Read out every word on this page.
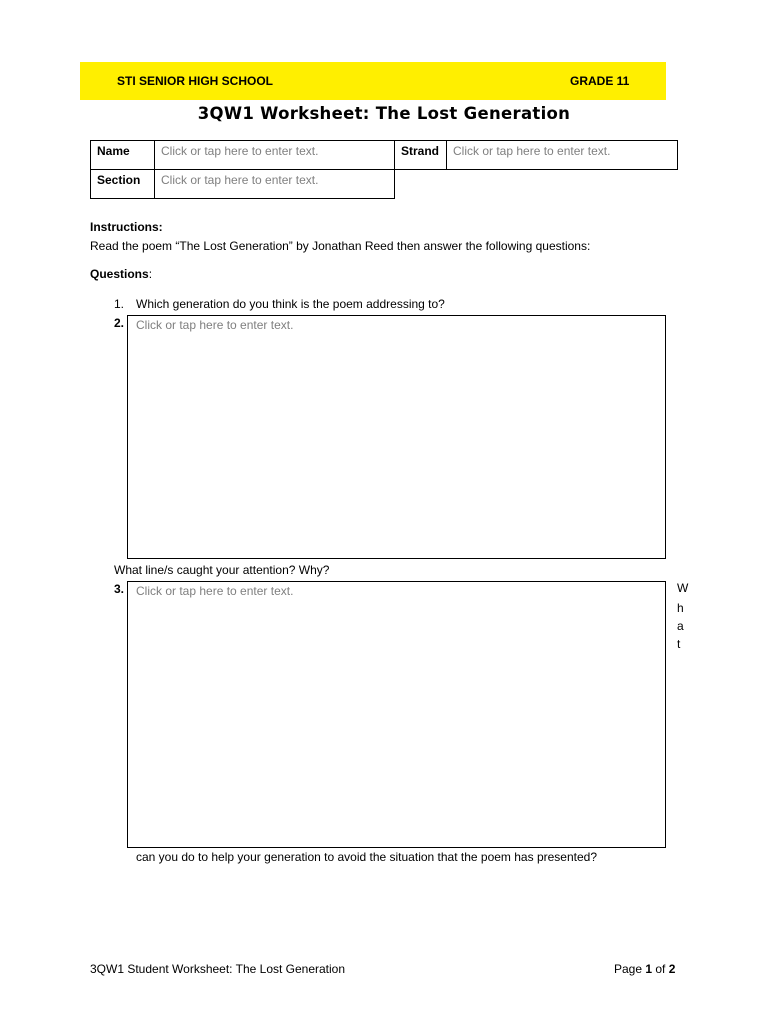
STI SENIOR HIGH SCHOOL	GRADE 11
3QW1 Worksheet: The Lost Generation
Name	Click or tap here to enter text.	Strand	Click or tap here to enter text.
Section	Click or tap here to enter text.		
Instructions:
Read the poem “The Lost Generation” by Jonathan Reed then answer the following questions:
Questions:
1. Which generation do you think is the poem addressing to?
2. Click or tap here to enter text.
What line/s caught your attention? Why?
3. Click or tap here to enter text.	W
h
a
t
can you do to help your generation to avoid the situation that the poem has presented?
3QW1 Student Worksheet: The Lost Generation	Page 1 of 2
